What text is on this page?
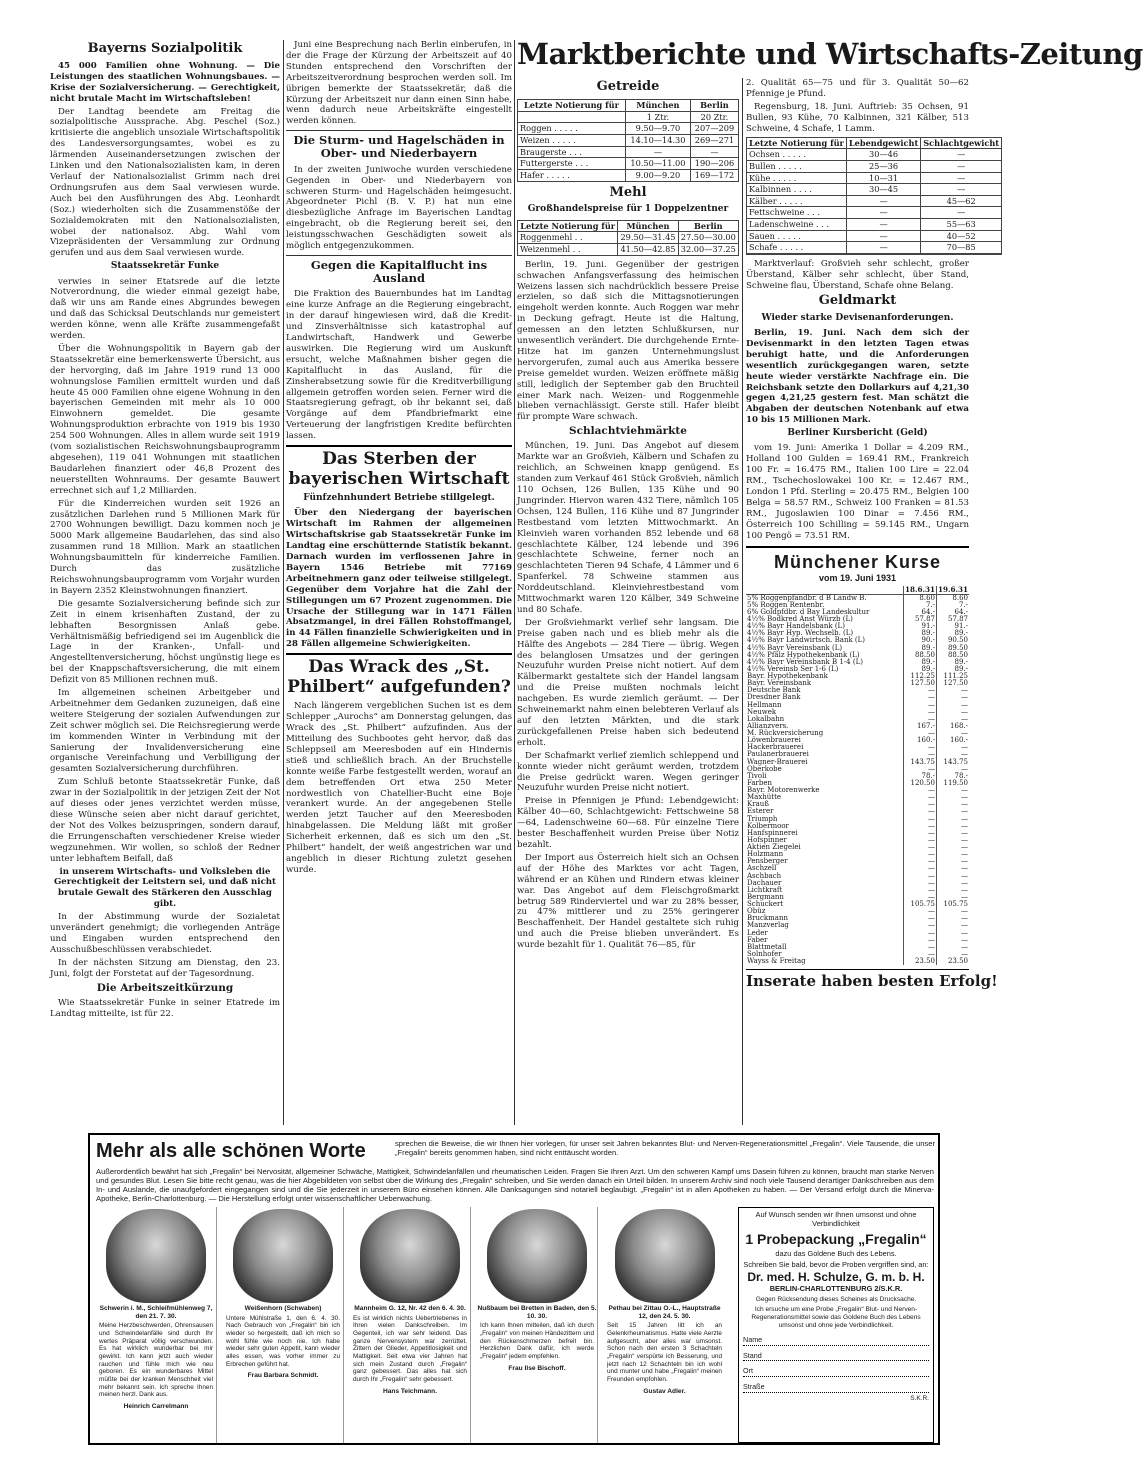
Bayerns Sozialpolitik

45 000 Familien ohne Wohnung. — Die Leistungen des staatlichen Wohnungsbaues. — Krise der Sozialversicherung. — Gerechtigkeit, nicht brutale Macht im Wirtschaftsleben!

Der Landtag beendete am Freitag die sozialpolitische Aussprache. Abg. Peschel (Soz.) kritisierte die angeblich unsoziale Wirtschaftspolitik des Landesversorgungsamtes, wobei es zu lärmenden Auseinandersetzungen zwischen der Linken und den Nationalsozialisten kam, in deren Verlauf der Nationalsozialist Grimm nach drei Ordnungsrufen aus dem Saal verwiesen wurde. Auch bei den Ausführungen des Abg. Leonhardt (Soz.) wiederholten sich die Zusammenstöße der Sozialdemokraten mit den Nationalsozialisten, wobei der nationalsoz. Abg. Wahl vom Vizepräsidenten der Versammlung zur Ordnung gerufen und aus dem Saal verwiesen wurde.

Staatssekretär Funke

verwies in seiner Etatsrede auf die letzte Notverordnung, die wieder einmal gezeigt habe, daß wir uns am Rande eines Abgrundes bewegen und daß das Schicksal Deutschlands nur gemeistert werden könne, wenn alle Kräfte zusammengefaßt werden.

Über die Wohnungspolitik in Bayern gab der Staatssekretär eine bemerkenswerte Übersicht, aus der hervorging, daß im Jahre 1919 rund 13 000 wohnungslose Familien ermittelt wurden und daß heute 45 000 Familien ohne eigene Wohnung in den bayerischen Gemeinden mit mehr als 10 000 Einwohnern gemeldet. Die gesamte Wohnungsproduktion erbrachte von 1919 bis 1930 254 500 Wohnungen. Alles in allem wurde seit 1919 (vom sozialistischen Reichswohnungsbauprogramm abgesehen), 119 041 Wohnungen mit staatlichen Baudarlehen finanziert oder 46,8 Prozent des neuerstellten Wohnraums. Der gesamte Bauwert errechnet sich auf 1,2 Milliarden.

Für die Kinderreichen wurden seit 1926 an zusätzlichen Darlehen rund 5 Millionen Mark für 2700 Wohnungen bewilligt. Dazu kommen noch je 5000 Mark allgemeine Baudarlehen, das sind also zusammen rund 18 Million. Mark an staatlichen Wohnungsbaumitteln für kinderreiche Familien. Durch das zusätzliche Reichswohnungsbauprogramm vom Vorjahr wurden in Bayern 2352 Kleinstwohnungen finanziert.

Die gesamte Sozialversicherung befinde sich zur Zeit in einem krisenhaften Zustand, der zu lebhaften Besorgnissen Anlaß gebe. Verhältnismäßig befriedigend sei im Augenblick die Lage in der Kranken-, Unfall- und Angestelltenversicherung, höchst ungünstig liege es bei der Knappschaftsversicherung, die mit einem Defizit von 85 Millionen rechnen muß.

Im allgemeinen scheinen Arbeitgeber und Arbeitnehmer dem Gedanken zuzuneigen, daß eine weitere Steigerung der sozialen Aufwendungen zur Zeit schwer möglich sei. Die Reichsregierung werde im kommenden Winter in Verbindung mit der Sanierung der Invalidenversicherung eine organische Vereinfachung und Verbilligung der gesamten Sozialversicherung durchführen.

Zum Schluß betonte Staatssekretär Funke, daß zwar in der Sozialpolitik in der jetzigen Zeit der Not auf dieses oder jenes verzichtet werden müsse, diese Wünsche seien aber nicht darauf gerichtet, der Not des Volkes beizuspringen, sondern darauf, die Errungenschaften verschiedener Kreise wieder wegzunehmen. Wir wollen, so schloß der Redner unter lebhaftem Beifall, daß

in unserem Wirtschafts- und Volksleben die Gerechtigkeit der Leitstern sei, und daß nicht brutale Gewalt des Stärkeren den Ausschlag gibt.

In der Abstimmung wurde der Sozialetat unverändert genehmigt; die vorliegenden Anträge und Eingaben wurden entsprechend den Ausschußbeschlüssen verabschiedet.

In der nächsten Sitzung am Dienstag, den 23. Juni, folgt der Forstetat auf der Tagesordnung.

Die Arbeitszeitkürzung

Wie Staatssekretär Funke in seiner Etatrede im Landtag mitteilte, ist für 22.

Juni eine Besprechung nach Berlin einberufen, in der die Frage der Kürzung der Arbeitszeit auf 40 Stunden entsprechend den Vorschriften der Arbeitszeitverordnung besprochen werden soll. Im übrigen bemerkte der Staatssekretär, daß die Kürzung der Arbeitszeit nur dann einen Sinn habe, wenn dadurch neue Arbeitskräfte eingestellt werden können.

Die Sturm- und Hagelschäden in Ober- und Niederbayern

In der zweiten Juniwoche wurden verschiedene Gegenden in Ober- und Niederbayern von schweren Sturm- und Hagelschäden heimgesucht. Abgeordneter Pichl (B. V. P.) hat nun eine diesbezügliche Anfrage im Bayerischen Landtag eingebracht, ob die Regierung bereit sei, den leistungsschwachen Geschädigten soweit als möglich entgegenzukommen.

Gegen die Kapitalflucht ins Ausland

Die Fraktion des Bauernbundes hat im Landtag eine kurze Anfrage an die Regierung eingebracht, in der darauf hingewiesen wird, daß die Kredit- und Zinsverhältnisse sich katastrophal auf Landwirtschaft, Handwerk und Gewerbe auswirken. Die Regierung wird um Auskunft ersucht, welche Maßnahmen bisher gegen die Kapitalflucht in das Ausland, für die Zinsherabsetzung sowie für die Kreditverbilligung allgemein getroffen worden seien. Ferner wird die Staatsregierung gefragt, ob ihr bekannt sei, daß Vorgänge auf dem Pfandbriefmarkt eine Verteuerung der langfristigen Kredite befürchten lassen.

Das Sterben der bayerischen Wirtschaft
Fünfzehnhundert Betriebe stillgelegt.

Über den Niedergang der bayerischen Wirtschaft im Rahmen der allgemeinen Wirtschaftskrise gab Staatssekretär Funke im Landtag eine erschütternde Statistik bekannt. Darnach wurden im verflossenen Jahre in Bayern 1546 Betriebe mit 77169 Arbeitnehmern ganz oder teilweise stillgelegt. Gegenüber dem Vorjahre hat die Zahl der Stillegungen um 67 Prozent zugenommen. Die Ursache der Stillegung war in 1471 Fällen Absatzmangel, in drei Fällen Rohstoffmangel, in 44 Fällen finanzielle Schwierigkeiten und in 28 Fällen allgemeine Schwierigkeiten.

Das Wrack des „St. Philbert“ aufgefunden?

Nach längerem vergeblichen Suchen ist es dem Schlepper „Aurochs“ am Donnerstag gelungen, das Wrack des „St. Philbert“ aufzufinden. Aus der Mitteilung des Suchbootes geht hervor, daß das Schleppseil am Meeresboden auf ein Hindernis stieß und schließlich brach. An der Bruchstelle konnte weiße Farbe festgestellt werden, worauf an dem betreffenden Ort etwa 250 Meter nordwestlich von Chatellier-Bucht eine Boje verankert wurde. An der angegebenen Stelle werden jetzt Taucher auf den Meeresboden hinabgelassen. Die Meldung läßt mit großer Sicherheit erkennen, daß es sich um den „St. Philbert“ handelt, der weiß angestrichen war und angeblich in dieser Richtung zuletzt gesehen wurde.

Marktberichte und Wirtschafts-Zeitung
Getreide
Letzte Notierung für	München	Berlin
	1 Ztr.	20 Ztr.
Roggen . . . . .	9.50—9.70	207—209
Weizen . . . . .	14.10—14.30	269—271
Braugerste . . .	—	—
Futtergerste . . .	10.50—11.00	190—206
Hafer . . . . .	9.00—9.20	169—172
Mehl
Großhandelspreise für 1 Doppelzentner
Letzte Notierung für	München	Berlin
Roggenmehl . .	29.50—31.45	27.50—30.00
Weizenmehl . .	41.50—42.85	32.00—37.25

Berlin, 19. Juni. Gegenüber der gestrigen schwachen Anfangsverfassung des heimischen Weizens lassen sich nachdrücklich bessere Preise erzielen, so daß sich die Mittagsnotierungen eingeholt werden konnte. Auch Roggen war mehr in Deckung gefragt. Heute ist die Haltung, gemessen an den letzten Schlußkursen, nur unwesentlich verändert. Die durchgehende Ernte-Hitze hat im ganzen Unternehmungslust hervorgerufen, zumal auch aus Amerika bessere Preise gemeldet wurden. Weizen eröffnete mäßig still, lediglich der September gab den Bruchteil einer Mark nach. Weizen- und Roggenmehle blieben vernachlässigt. Gerste still. Hafer bleibt für prompte Ware schwach.

Schlachtviehmärkte

München, 19. Juni. Das Angebot auf diesem Markte war an Großvieh, Kälbern und Schafen zu reichlich, an Schweinen knapp genügend. Es standen zum Verkauf 461 Stück Großvieh, nämlich 110 Ochsen, 126 Bullen, 135 Kühe und 90 Jungrinder. Hiervon waren 432 Tiere, nämlich 105 Ochsen, 124 Bullen, 116 Kühe und 87 Jungrinder Restbestand vom letzten Mittwochmarkt. An Kleinvieh waren vorhanden 852 lebende und 68 geschlachtete Kälber, 124 lebende und 396 geschlachtete Schweine, ferner noch an geschlachteten Tieren 94 Schafe, 4 Lämmer und 6 Spanferkel. 78 Schweine stammen aus Norddeutschland. Kleinviehrestbestand vom Mittwochmarkt waren 120 Kälber, 349 Schweine und 80 Schafe.

Der Großviehmarkt verlief sehr langsam. Die Preise gaben nach und es blieb mehr als die Hälfte des Angebots — 284 Tiere — übrig. Wegen des belanglosen Umsatzes und der geringen Neuzufuhr wurden Preise nicht notiert. Auf dem Kälbermarkt gestaltete sich der Handel langsam und die Preise mußten nochmals leicht nachgeben. Es wurde ziemlich geräumt. — Der Schweinemarkt nahm einen belebteren Verlauf als auf den letzten Märkten, und die stark zurückgefallenen Preise haben sich bedeutend erholt.

Der Schafmarkt verlief ziemlich schleppend und konnte wieder nicht geräumt werden, trotzdem die Preise gedrückt waren. Wegen geringer Neuzufuhr wurden Preise nicht notiert.

Preise in Pfennigen je Pfund: Lebendgewicht: Kälber 40—60, Schlachtgewicht: Fettschweine 58—64, Ladenschweine 60—68. Für einzelne Tiere bester Beschaffenheit wurden Preise über Notiz bezahlt.

Der Import aus Österreich hielt sich an Ochsen auf der Höhe des Marktes vor acht Tagen, während er an Kühen und Rindern etwas kleiner war. Das Angebot auf dem Fleischgroßmarkt betrug 589 Rinderviertel und war zu 28% besser, zu 47% mittlerer und zu 25% geringerer Beschaffenheit. Der Handel gestaltete sich ruhig und auch die Preise blieben unverändert. Es wurde bezahlt für 1. Qualität 76—85, für

2. Qualität 65—75 und für 3. Qualität 50—62 Pfennige je Pfund.

Regensburg, 18. Juni. Auftrieb: 35 Ochsen, 91 Bullen, 93 Kühe, 70 Kalbinnen, 321 Kälber, 513 Schweine, 4 Schafe, 1 Lamm.

Letzte Notierung für	Lebendgewicht	Schlachtgewicht
Ochsen . . . . .	30—46	—
Bullen . . . . .	25—36	—
Kühe . . . . .	10—31	—
Kalbinnen . . . .	30—45	—
Kälber . . . . .	—	45—62
Fettschweine . . .	—	—
Ladenschweine . . .	—	55—63
Sauen . . . . .	—	40—52
Schafe . . . . .	—	70—85

Marktverlauf: Großvieh sehr schlecht, großer Überstand, Kälber sehr schlecht, über Stand, Schweine flau, Überstand, Schafe ohne Belang.

Geldmarkt
Wieder starke Devisenanforderungen.

Berlin, 19. Juni. Nach dem sich der Devisenmarkt in den letzten Tagen etwas beruhigt hatte, und die Anforderungen wesentlich zurückgegangen waren, setzte heute wieder verstärkte Nachfrage ein. Die Reichsbank setzte den Dollarkurs auf 4,21,30 gegen 4,21,25 gestern fest. Man schätzt die Abgaben der deutschen Notenbank auf etwa 10 bis 15 Millionen Mark.

Berliner Kursbericht (Geld)

vom 19. Juni: Amerika 1 Dollar = 4.209 RM., Holland 100 Gulden = 169.41 RM., Frankreich 100 Fr. = 16.475 RM., Italien 100 Lire = 22.04 RM., Tschechoslowakei 100 Kr. = 12.467 RM., London 1 Pfd. Sterling = 20.475 RM., Belgien 100 Belga = 58.57 RM., Schweiz 100 Franken = 81.53 RM., Jugoslawien 100 Dinar = 7.456 RM., Österreich 100 Schilling = 59.145 RM., Ungarn 100 Pengö = 73.51 RM.

Münchener Kurse
vom 19. Juni 1931
	18.6.31	19.6.31
5% Roggenpfandbr. d B Landw B.	8.60	8.60
5% Roggen Rentenbr.	7.-	7.-
6% Goldpfdbr. d Bay Landeskultur	64.-	64.-
4½% Bodkred Anst Würzb (L)	57.87	57.87
4½% Bayr Handelsbank (L)	91.-	91.-
4½% Bayr Hyp. Wechselb. (L)	89.-	89.-
4½% Bayr Landwirtsch. Bank (L)	90.-	90.50
4½% Bayr Vereinsbank (L)	89.-	89.50
4½% Pfälz Hypothekenbank (L)	88.50	88.50
4½% Bayr Vereinsbank B 1-4 (L)	89.-	89.-
4½% Vereinsb Ser 1-6 (L)	89.-	89.-
Bayr. Hypothekenbank	112.25	111.25
Bayr. Vereinsbank	127.50	127.50
Deutsche Bank	—	—
Dresdner Bank	—	—
Hellmann	—	—
Neuwek	—	—
Lokalbahn	—	—
Allianzvers.	167.-	168.-
M. Rückversicherung	—	—
Löwenbrauerei	160.-	160.-
Hackerbrauerei	—	—
Paulanerbrauerei	—	—
Wagner-Brauerei	143.75	143.75
Oberkobe	—	—
Tivoli	78.-	78.-
Farben	120.50	119.50
Bayr. Motorenwerke	—	—
Maxhütte	—	—
Krauß	—	—
Esterer	—	—
Triumph	—	—
Kolbermoor	—	—
Hanfspinnerei	—	—
Hofspinner	—	—
Aktien Ziegelei	—	—
Holzmann	—	—
Pensberger	—	—
Aschzell	—	—
Aschbach	—	—
Dachauer	—	—
Lichtkraft	—	—
Bergmann	—	—
Schuckert	105.75	105.75
Obüz	—	—
Bruckmann	—	—
Manzverlag	—	—
Leder	—	—
Faber	—	—
Blattmetall	—	—
Solnhofer	—	—
Wayss & Freitag	23.50	23.50
Inserate haben besten Erfolg!
Mehr als alle schönen Worte	sprechen die Beweise, die wir Ihnen hier vorlegen, für unser seit Jahren bekanntes Blut- und Nerven-Regenerationsmittel „Fregalin“. Viele Tausende, die unser „Fregalin“ bereits genommen haben, sind nicht enttäuscht worden.
Außerordentlich bewährt hat sich „Fregalin“ bei Nervosität, allgemeiner Schwäche, Mattigkeit, Schwindelanfällen und rheumatischen Leiden. Fragen Sie Ihren Arzt. Um den schweren Kampf ums Dasein führen zu können, braucht man starke Nerven und gesundes Blut. Lesen Sie bitte recht genau, was die hier Abgebildeten von selbst über die Wirkung des „Fregalin“ schreiben, und Sie werden danach ein Urteil bilden. In unserem Archiv sind noch viele Tausend derartiger Dankschreiben aus dem In- und Auslande, die unaufgefordert eingegangen sind und die Sie jederzeit in unserem Büro einsehen können. Alle Danksagungen sind notariell beglaubigt. „Fregalin“ ist in allen Apotheken zu haben. — Der Versand erfolgt durch die Minerva-Apotheke, Berlin-Charlottenburg. — Die Herstellung erfolgt unter wissenschaftlicher Ueberwachung.
Schwerin i. M., Schleifmühlenweg 7, den 21. 7. 30.
Meine Herzbeschwerden, Ohrensausen und Schwindelanfälle sind durch Ihr wertes Präparat völlig verschwunden. Es hat wirklich wunderbar bei mir gewirkt. Ich kann jetzt auch wieder rauchen und fühle mich wie neu geboren. Es ein wunderbares Mittel müßte bei der kranken Menschheit viel mehr bekannt sein. Ich spreche Ihnen meinen herzl. Dank aus.
Heinrich Carrelmann
Weißenhorn (Schwaben)
Untere Mühlstraße 1, den 6. 4. 30. Nach Gebrauch von „Fregalin“ bin ich wieder so hergestellt, daß ich mich so wohl fühle wie noch nie. Ich habe wieder sehr guten Appetit, kann wieder alles essen, was vorher immer zu Erbrechen geführt hat.
Frau Barbara Schmidt.
Mannheim G. 12, Nr. 42 den 6. 4. 30.
Es ist wirklich nichts Uebertriebenes in Ihren vielen Dankschreiben. Im Gegenteil, ich war sehr leidend. Das ganze Nervensystem war zerrüttet. Zittern der Glieder, Appetitlosigkeit und Mattigkeit. Seit etwa vier Jahren hat sich mein Zustand durch „Fregalin“ ganz gebessert. Das alles hat sich durch Ihr „Fregalin“ sehr gebessert.
Hans Teichmann.
Nußbaum bei Bretten in Baden, den 5. 10. 30.
Ich kann Ihnen mitteilen, daß ich durch „Fregalin“ von meinen Händezittern und den Rückenschmerzen befreit bin. Herzlichen Dank dafür, ich werde „Fregalin“ jedem empfehlen.
Frau Ilse Bischoff.
Pethau bei Zittau O.-L., Hauptstraße 12, den 24. 5. 30.
Seit 15 Jahren litt ich an Gelenkrheumatismus. Hatte viele Aerzte aufgesucht, aber alles war umsonst. Schon nach den ersten 3 Schachteln „Fregalin“ verspürte ich Besserung, und jetzt nach 12 Schachteln bin ich wohl und munter und habe „Fregalin“ meinen Freunden empfohlen.
Gustav Adler.
Auf Wunsch senden wir Ihnen umsonst und ohne Verbindlichkeit
1 Probepackung „Fregalin“
dazu das Goldene Buch des Lebens.
Schreiben Sie bald, bevor die Proben vergriffen sind, an:
Dr. med. H. Schulze, G. m. b. H.
BERLIN-CHARLOTTENBURG 2/S.K.R.
Gegen Rücksendung dieses Scheines als Drucksache.
Ich ersuche um eine Probe „Fregalin“ Blut- und Nerven-Regenerationsmittel sowie das Goldene Buch des Lebens umsonst und ohne jede Verbindlichkeit.
Name
Stand
Ort
Straße
S.K.R.
